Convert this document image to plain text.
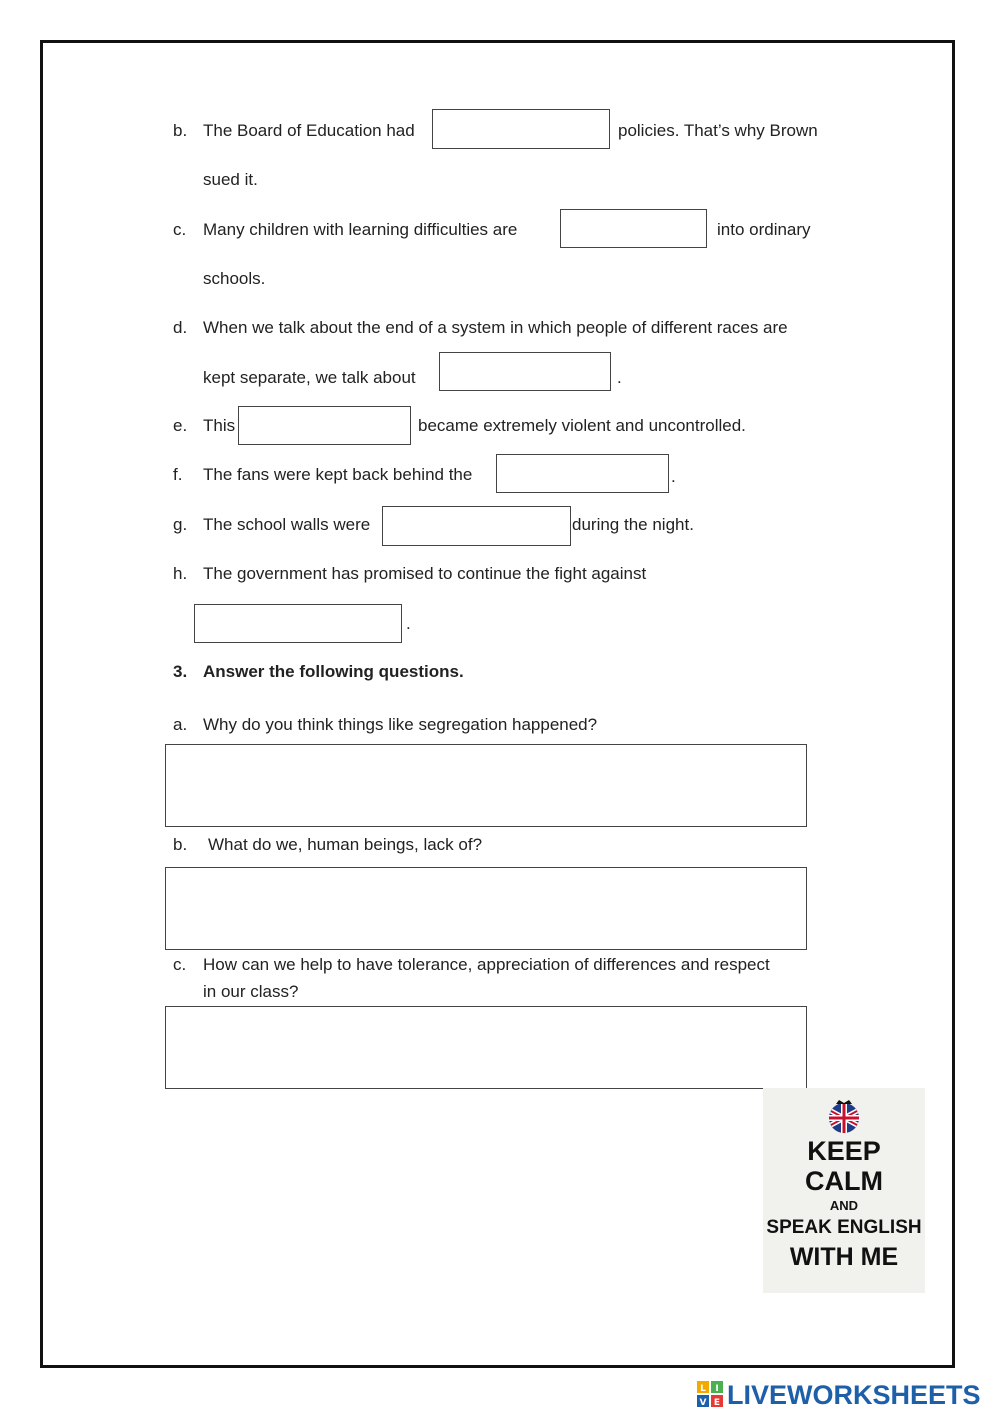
b. The Board of Education had	policies. That’s why Brown
sued it.
c. Many children with learning difficulties are	into ordinary
schools.
d. When we talk about the end of a system in which people of different races are
kept separate, we talk about	.
e. This	became extremely violent and uncontrolled.
f. The fans were kept back behind the	.
g. The school walls were	during the night.
h. The government has promised to continue the fight against
.
3. Answer the following questions.
a. Why do you think things like segregation happened?
b. What do we, human beings, lack of?
c. How can we help to have tolerance, appreciation of differences and respect
in our class?
KEEP
CALM
AND
SPEAK ENGLISH
WITH ME
L I
V E LIVEWORKSHEETS
